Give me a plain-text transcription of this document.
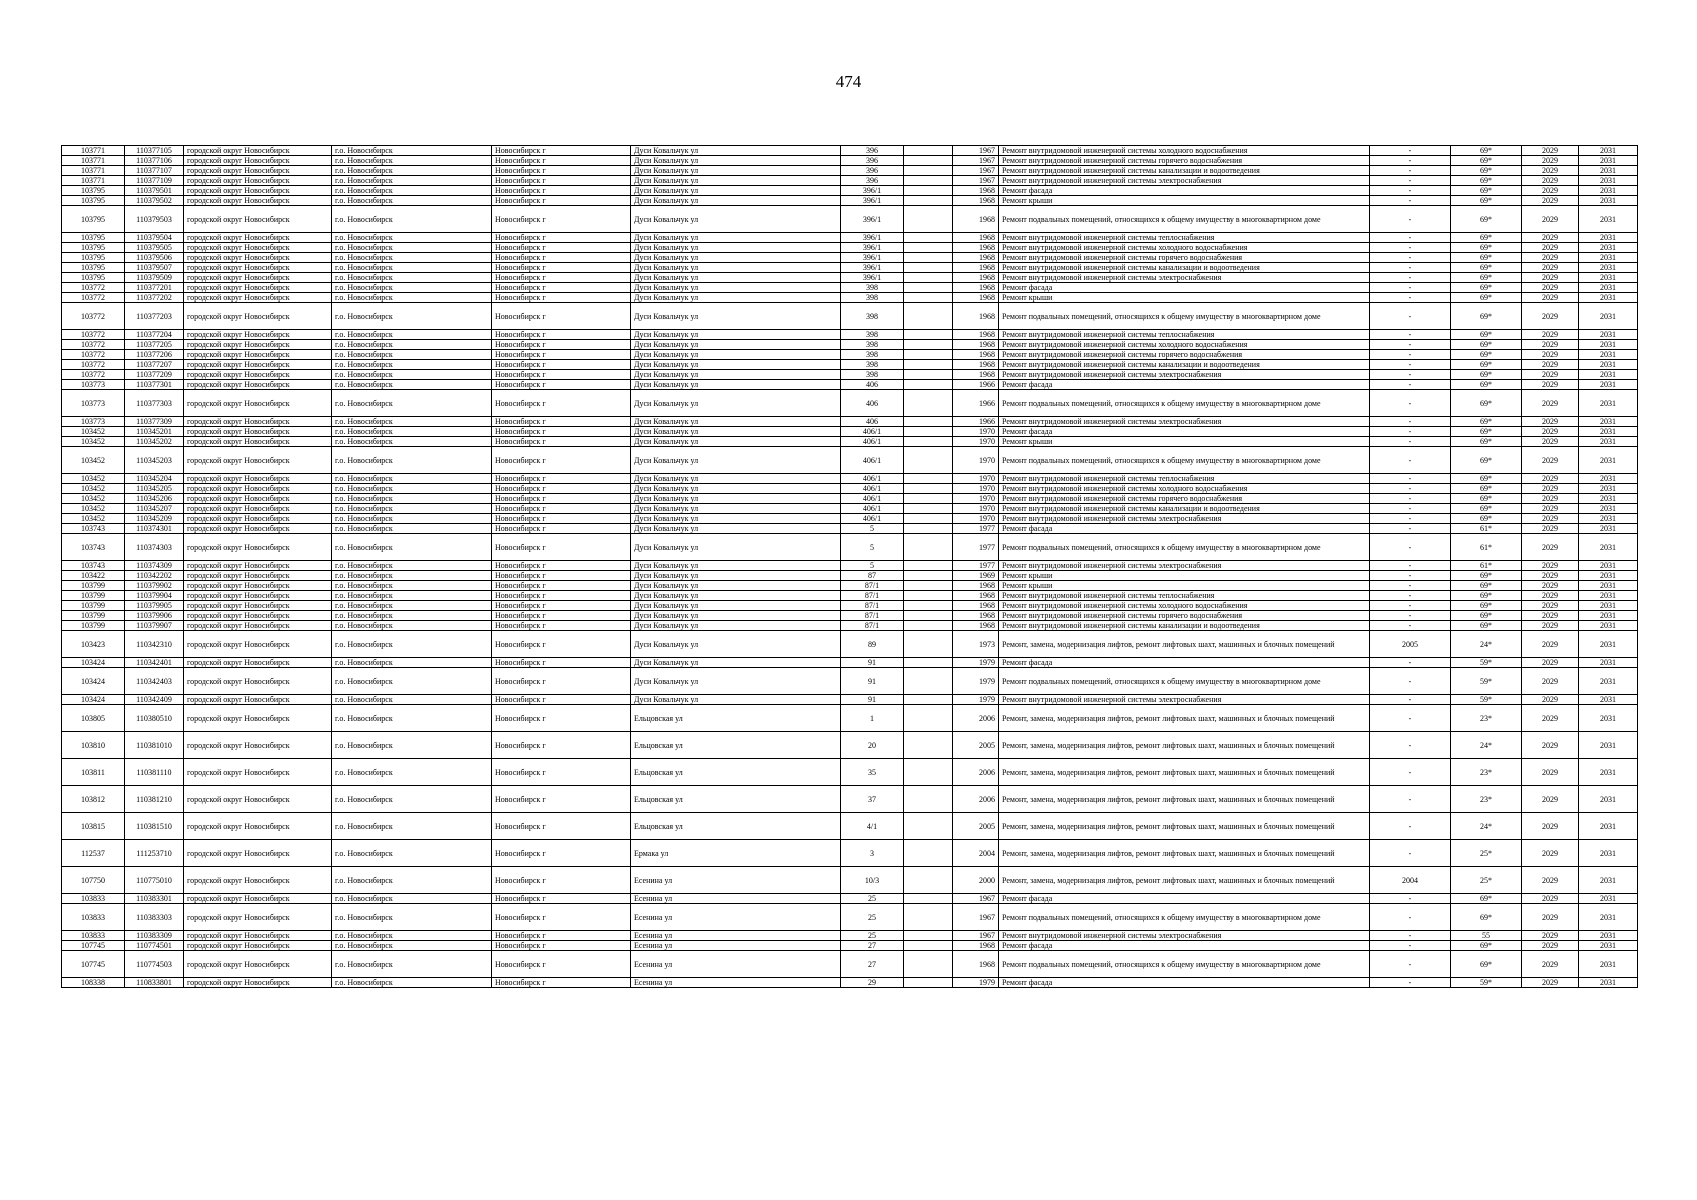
474
103771	110377105	городской округ Новосибирск	г.о. Новосибирск	Новосибирск г	Дуси Ковальчук ул	396		1967	Ремонт внутридомовой инженерной системы холодного водоснабжения	-	69*	2029	2031
103771	110377106	городской округ Новосибирск	г.о. Новосибирск	Новосибирск г	Дуси Ковальчук ул	396		1967	Ремонт внутридомовой инженерной системы горячего водоснабжения	-	69*	2029	2031
103771	110377107	городской округ Новосибирск	г.о. Новосибирск	Новосибирск г	Дуси Ковальчук ул	396		1967	Ремонт внутридомовой инженерной системы канализации и водоотведения	-	69*	2029	2031
103771	110377109	городской округ Новосибирск	г.о. Новосибирск	Новосибирск г	Дуси Ковальчук ул	396		1967	Ремонт внутридомовой инженерной системы электроснабжения	-	69*	2029	2031
103795	110379501	городской округ Новосибирск	г.о. Новосибирск	Новосибирск г	Дуси Ковальчук ул	396/1		1968	Ремонт фасада	-	69*	2029	2031
103795	110379502	городской округ Новосибирск	г.о. Новосибирск	Новосибирск г	Дуси Ковальчук ул	396/1		1968	Ремонт крыши	-	69*	2029	2031
103795	110379503	городской округ Новосибирск	г.о. Новосибирск	Новосибирск г	Дуси Ковальчук ул	396/1		1968	Ремонт подвальных помещений, относящихся к общему имуществу в многоквартирном доме	-	69*	2029	2031
103795	110379504	городской округ Новосибирск	г.о. Новосибирск	Новосибирск г	Дуси Ковальчук ул	396/1		1968	Ремонт внутридомовой инженерной системы теплоснабжения	-	69*	2029	2031
103795	110379505	городской округ Новосибирск	г.о. Новосибирск	Новосибирск г	Дуси Ковальчук ул	396/1		1968	Ремонт внутридомовой инженерной системы холодного водоснабжения	-	69*	2029	2031
103795	110379506	городской округ Новосибирск	г.о. Новосибирск	Новосибирск г	Дуси Ковальчук ул	396/1		1968	Ремонт внутридомовой инженерной системы горячего водоснабжения	-	69*	2029	2031
103795	110379507	городской округ Новосибирск	г.о. Новосибирск	Новосибирск г	Дуси Ковальчук ул	396/1		1968	Ремонт внутридомовой инженерной системы канализации и водоотведения	-	69*	2029	2031
103795	110379509	городской округ Новосибирск	г.о. Новосибирск	Новосибирск г	Дуси Ковальчук ул	396/1		1968	Ремонт внутридомовой инженерной системы электроснабжения	-	69*	2029	2031
103772	110377201	городской округ Новосибирск	г.о. Новосибирск	Новосибирск г	Дуси Ковальчук ул	398		1968	Ремонт фасада	-	69*	2029	2031
103772	110377202	городской округ Новосибирск	г.о. Новосибирск	Новосибирск г	Дуси Ковальчук ул	398		1968	Ремонт крыши	-	69*	2029	2031
103772	110377203	городской округ Новосибирск	г.о. Новосибирск	Новосибирск г	Дуси Ковальчук ул	398		1968	Ремонт подвальных помещений, относящихся к общему имуществу в многоквартирном доме	-	69*	2029	2031
103772	110377204	городской округ Новосибирск	г.о. Новосибирск	Новосибирск г	Дуси Ковальчук ул	398		1968	Ремонт внутридомовой инженерной системы теплоснабжения	-	69*	2029	2031
103772	110377205	городской округ Новосибирск	г.о. Новосибирск	Новосибирск г	Дуси Ковальчук ул	398		1968	Ремонт внутридомовой инженерной системы холодного водоснабжения	-	69*	2029	2031
103772	110377206	городской округ Новосибирск	г.о. Новосибирск	Новосибирск г	Дуси Ковальчук ул	398		1968	Ремонт внутридомовой инженерной системы горячего водоснабжения	-	69*	2029	2031
103772	110377207	городской округ Новосибирск	г.о. Новосибирск	Новосибирск г	Дуси Ковальчук ул	398		1968	Ремонт внутридомовой инженерной системы канализации и водоотведения	-	69*	2029	2031
103772	110377209	городской округ Новосибирск	г.о. Новосибирск	Новосибирск г	Дуси Ковальчук ул	398		1968	Ремонт внутридомовой инженерной системы электроснабжения	-	69*	2029	2031
103773	110377301	городской округ Новосибирск	г.о. Новосибирск	Новосибирск г	Дуси Ковальчук ул	406		1966	Ремонт фасада	-	69*	2029	2031
103773	110377303	городской округ Новосибирск	г.о. Новосибирск	Новосибирск г	Дуси Ковальчук ул	406		1966	Ремонт подвальных помещений, относящихся к общему имуществу в многоквартирном доме	-	69*	2029	2031
103773	110377309	городской округ Новосибирск	г.о. Новосибирск	Новосибирск г	Дуси Ковальчук ул	406		1966	Ремонт внутридомовой инженерной системы электроснабжения	-	69*	2029	2031
103452	110345201	городской округ Новосибирск	г.о. Новосибирск	Новосибирск г	Дуси Ковальчук ул	406/1		1970	Ремонт фасада	-	69*	2029	2031
103452	110345202	городской округ Новосибирск	г.о. Новосибирск	Новосибирск г	Дуси Ковальчук ул	406/1		1970	Ремонт крыши	-	69*	2029	2031
103452	110345203	городской округ Новосибирск	г.о. Новосибирск	Новосибирск г	Дуси Ковальчук ул	406/1		1970	Ремонт подвальных помещений, относящихся к общему имуществу в многоквартирном доме	-	69*	2029	2031
103452	110345204	городской округ Новосибирск	г.о. Новосибирск	Новосибирск г	Дуси Ковальчук ул	406/1		1970	Ремонт внутридомовой инженерной системы теплоснабжения	-	69*	2029	2031
103452	110345205	городской округ Новосибирск	г.о. Новосибирск	Новосибирск г	Дуси Ковальчук ул	406/1		1970	Ремонт внутридомовой инженерной системы холодного водоснабжения	-	69*	2029	2031
103452	110345206	городской округ Новосибирск	г.о. Новосибирск	Новосибирск г	Дуси Ковальчук ул	406/1		1970	Ремонт внутридомовой инженерной системы горячего водоснабжения	-	69*	2029	2031
103452	110345207	городской округ Новосибирск	г.о. Новосибирск	Новосибирск г	Дуси Ковальчук ул	406/1		1970	Ремонт внутридомовой инженерной системы канализации и водоотведения	-	69*	2029	2031
103452	110345209	городской округ Новосибирск	г.о. Новосибирск	Новосибирск г	Дуси Ковальчук ул	406/1		1970	Ремонт внутридомовой инженерной системы электроснабжения	-	69*	2029	2031
103743	110374301	городской округ Новосибирск	г.о. Новосибирск	Новосибирск г	Дуси Ковальчук ул	5		1977	Ремонт фасада	-	61*	2029	2031
103743	110374303	городской округ Новосибирск	г.о. Новосибирск	Новосибирск г	Дуси Ковальчук ул	5		1977	Ремонт подвальных помещений, относящихся к общему имуществу в многоквартирном доме	-	61*	2029	2031
103743	110374309	городской округ Новосибирск	г.о. Новосибирск	Новосибирск г	Дуси Ковальчук ул	5		1977	Ремонт внутридомовой инженерной системы электроснабжения	-	61*	2029	2031
103422	110342202	городской округ Новосибирск	г.о. Новосибирск	Новосибирск г	Дуси Ковальчук ул	87		1969	Ремонт крыши	-	69*	2029	2031
103799	110379902	городской округ Новосибирск	г.о. Новосибирск	Новосибирск г	Дуси Ковальчук ул	87/1		1968	Ремонт крыши	-	69*	2029	2031
103799	110379904	городской округ Новосибирск	г.о. Новосибирск	Новосибирск г	Дуси Ковальчук ул	87/1		1968	Ремонт внутридомовой инженерной системы теплоснабжения	-	69*	2029	2031
103799	110379905	городской округ Новосибирск	г.о. Новосибирск	Новосибирск г	Дуси Ковальчук ул	87/1		1968	Ремонт внутридомовой инженерной системы холодного водоснабжения	-	69*	2029	2031
103799	110379906	городской округ Новосибирск	г.о. Новосибирск	Новосибирск г	Дуси Ковальчук ул	87/1		1968	Ремонт внутридомовой инженерной системы горячего водоснабжения	-	69*	2029	2031
103799	110379907	городской округ Новосибирск	г.о. Новосибирск	Новосибирск г	Дуси Ковальчук ул	87/1		1968	Ремонт внутридомовой инженерной системы канализации и водоотведения	-	69*	2029	2031
103423	110342310	городской округ Новосибирск	г.о. Новосибирск	Новосибирск г	Дуси Ковальчук ул	89		1973	Ремонт, замена, модернизация лифтов, ремонт лифтовых шахт, машинных и блочных помещений	2005	24*	2029	2031
103424	110342401	городской округ Новосибирск	г.о. Новосибирск	Новосибирск г	Дуси Ковальчук ул	91		1979	Ремонт фасада	-	59*	2029	2031
103424	110342403	городской округ Новосибирск	г.о. Новосибирск	Новосибирск г	Дуси Ковальчук ул	91		1979	Ремонт подвальных помещений, относящихся к общему имуществу в многоквартирном доме	-	59*	2029	2031
103424	110342409	городской округ Новосибирск	г.о. Новосибирск	Новосибирск г	Дуси Ковальчук ул	91		1979	Ремонт внутридомовой инженерной системы электроснабжения	-	59*	2029	2031
103805	110380510	городской округ Новосибирск	г.о. Новосибирск	Новосибирск г	Ельцовская ул	1		2006	Ремонт, замена, модернизация лифтов, ремонт лифтовых шахт, машинных и блочных помещений	-	23*	2029	2031
103810	110381010	городской округ Новосибирск	г.о. Новосибирск	Новосибирск г	Ельцовская ул	20		2005	Ремонт, замена, модернизация лифтов, ремонт лифтовых шахт, машинных и блочных помещений	-	24*	2029	2031
103811	110381110	городской округ Новосибирск	г.о. Новосибирск	Новосибирск г	Ельцовская ул	35		2006	Ремонт, замена, модернизация лифтов, ремонт лифтовых шахт, машинных и блочных помещений	-	23*	2029	2031
103812	110381210	городской округ Новосибирск	г.о. Новосибирск	Новосибирск г	Ельцовская ул	37		2006	Ремонт, замена, модернизация лифтов, ремонт лифтовых шахт, машинных и блочных помещений	-	23*	2029	2031
103815	110381510	городской округ Новосибирск	г.о. Новосибирск	Новосибирск г	Ельцовская ул	4/1		2005	Ремонт, замена, модернизация лифтов, ремонт лифтовых шахт, машинных и блочных помещений	-	24*	2029	2031
112537	111253710	городской округ Новосибирск	г.о. Новосибирск	Новосибирск г	Ермака ул	3		2004	Ремонт, замена, модернизация лифтов, ремонт лифтовых шахт, машинных и блочных помещений	-	25*	2029	2031
107750	110775010	городской округ Новосибирск	г.о. Новосибирск	Новосибирск г	Есенина ул	10/3		2000	Ремонт, замена, модернизация лифтов, ремонт лифтовых шахт, машинных и блочных помещений	2004	25*	2029	2031
103833	110383301	городской округ Новосибирск	г.о. Новосибирск	Новосибирск г	Есенина ул	25		1967	Ремонт фасада	-	69*	2029	2031
103833	110383303	городской округ Новосибирск	г.о. Новосибирск	Новосибирск г	Есенина ул	25		1967	Ремонт подвальных помещений, относящихся к общему имуществу в многоквартирном доме	-	69*	2029	2031
103833	110383309	городской округ Новосибирск	г.о. Новосибирск	Новосибирск г	Есенина ул	25		1967	Ремонт внутридомовой инженерной системы электроснабжения	-	55	2029	2031
107745	110774501	городской округ Новосибирск	г.о. Новосибирск	Новосибирск г	Есенина ул	27		1968	Ремонт фасада	-	69*	2029	2031
107745	110774503	городской округ Новосибирск	г.о. Новосибирск	Новосибирск г	Есенина ул	27		1968	Ремонт подвальных помещений, относящихся к общему имуществу в многоквартирном доме	-	69*	2029	2031
108338	110833801	городской округ Новосибирск	г.о. Новосибирск	Новосибирск г	Есенина ул	29		1979	Ремонт фасада	-	59*	2029	2031
